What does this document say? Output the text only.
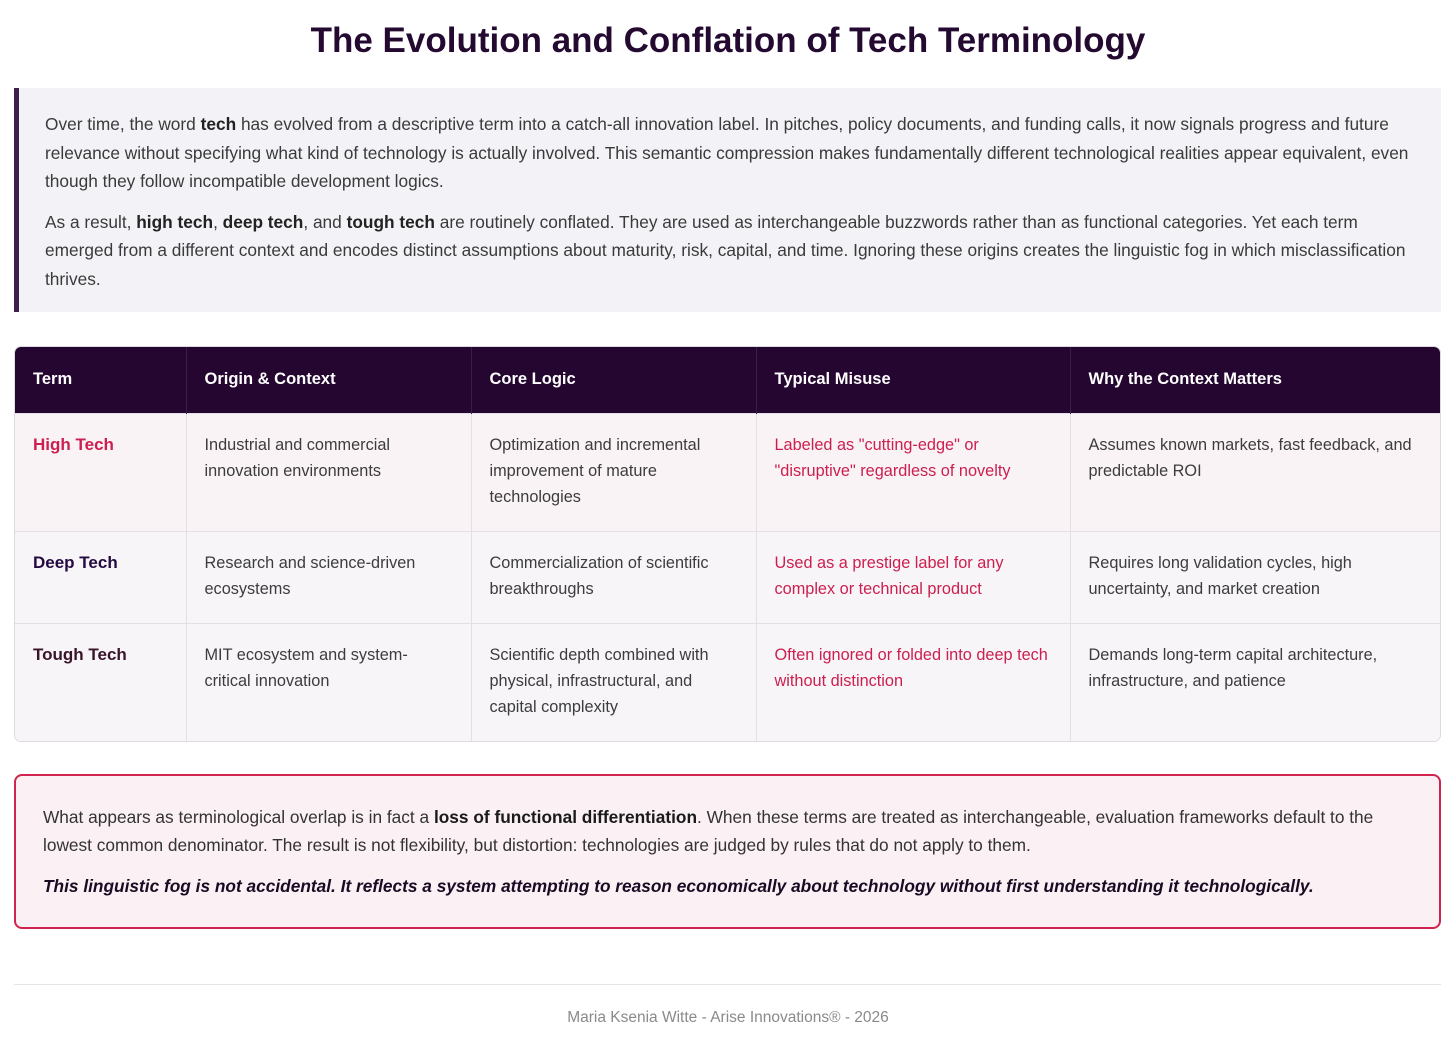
The Evolution and Conflation of Tech Terminology

Over time, the word tech has evolved from a descriptive term into a catch-all innovation label. In pitches, policy documents, and funding calls, it now signals progress and future relevance without specifying what kind of technology is actually involved. This semantic compression makes fundamentally different technological realities appear equivalent, even though they follow incompatible development logics.

As a result, high tech, deep tech, and tough tech are routinely conflated. They are used as interchangeable buzzwords rather than as functional categories. Yet each term emerged from a different context and encodes distinct assumptions about maturity, risk, capital, and time. Ignoring these origins creates the linguistic fog in which misclassification thrives.

Term	Origin & Context	Core Logic	Typical Misuse	Why the Context Matters
High Tech	Industrial and commercial innovation environments	Optimization and incremental improvement of mature technologies	Labeled as "cutting-edge" or "disruptive" regardless of novelty	Assumes known markets, fast feedback, and predictable ROI
Deep Tech	Research and science-driven ecosystems	Commercialization of scientific breakthroughs	Used as a prestige label for any complex or technical product	Requires long validation cycles, high uncertainty, and market creation
Tough Tech	MIT ecosystem and system-critical innovation	Scientific depth combined with physical, infrastructural, and capital complexity	Often ignored or folded into deep tech without distinction	Demands long-term capital architecture, infrastructure, and patience

What appears as terminological overlap is in fact a loss of functional differentiation. When these terms are treated as interchangeable, evaluation frameworks default to the lowest common denominator. The result is not flexibility, but distortion: technologies are judged by rules that do not apply to them.

This linguistic fog is not accidental. It reflects a system attempting to reason economically about technology without first understanding it technologically.

Maria Ksenia Witte - Arise Innovations® - 2026
